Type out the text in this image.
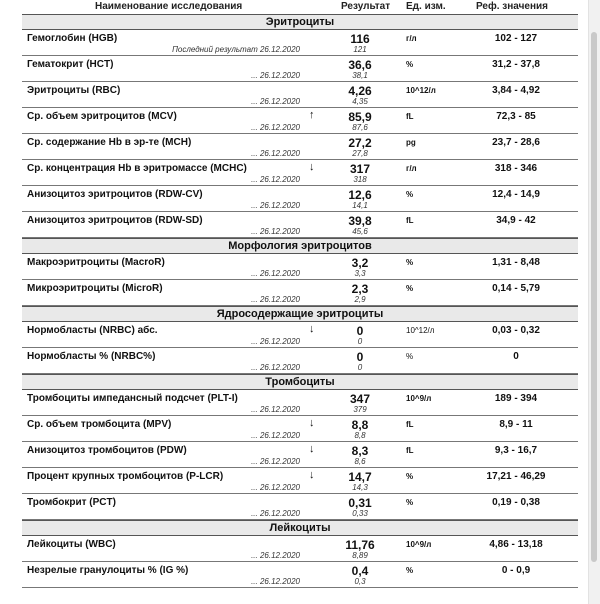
Наименование исследования	Результат Ед. изм.	Реф. значения
Эритроциты
Гемоглобин (HGB)	116	г/л	102 - 127
Последний результат 26.12.2020	121
Гематокрит (HCT)	36,6	%	31,2 - 37,8
... 26.12.2020	38,1
Эритроциты (RBC)	4,26	10^12/л	3,84 - 4,92
... 26.12.2020	4,35
Ср. объем эритроцитов (MCV)	↑	85,9	fL	72,3 - 85
... 26.12.2020	87,6
Ср. содержание Hb в эр-те (MCH)	27,2	pg	23,7 - 28,6
... 26.12.2020	27,8
Ср. концентрация Hb в эритромассе (MCHC)	↓	317	г/л	318 - 346
... 26.12.2020	318
Анизоцитоз эритроцитов (RDW-CV)	12,6	%	12,4 - 14,9
... 26.12.2020	14,1
Анизоцитоз эритроцитов (RDW-SD)	39,8	fL	34,9 - 42
... 26.12.2020	45,6
Морфология эритроцитов
Макроэритроциты (MacroR)	3,2	%	1,31 - 8,48
... 26.12.2020	3,3
Микроэритроциты (MicroR)	2,3	%	0,14 - 5,79
... 26.12.2020	2,9
Ядросодержащие эритроциты
Нормобласты (NRBC) абс.	↓	0	10^12/л	0,03 - 0,32
... 26.12.2020	0
Нормобласты % (NRBC%)	0	%	0
... 26.12.2020	0
Тромбоциты
Тромбоциты импедансный подсчет (PLT-I)	347	10^9/л	189 - 394
... 26.12.2020	379
Ср. объем тромбоцита (MPV)	↓	8,8	fL	8,9 - 11
... 26.12.2020	8,8
Анизоцитоз тромбоцитов (PDW)	↓	8,3	fL	9,3 - 16,7
... 26.12.2020	8,6
Процент крупных тромбоцитов (P-LCR)	↓	14,7	%	17,21 - 46,29
... 26.12.2020	14,3
Тромбокрит (PCT)	0,31	%	0,19 - 0,38
... 26.12.2020	0,33
Лейкоциты
Лейкоциты (WBC)	11,76	10^9/л	4,86 - 13,18
... 26.12.2020	8,89
Незрелые гранулоциты % (IG %)	0,4	%	0 - 0,9
... 26.12.2020	0,3
